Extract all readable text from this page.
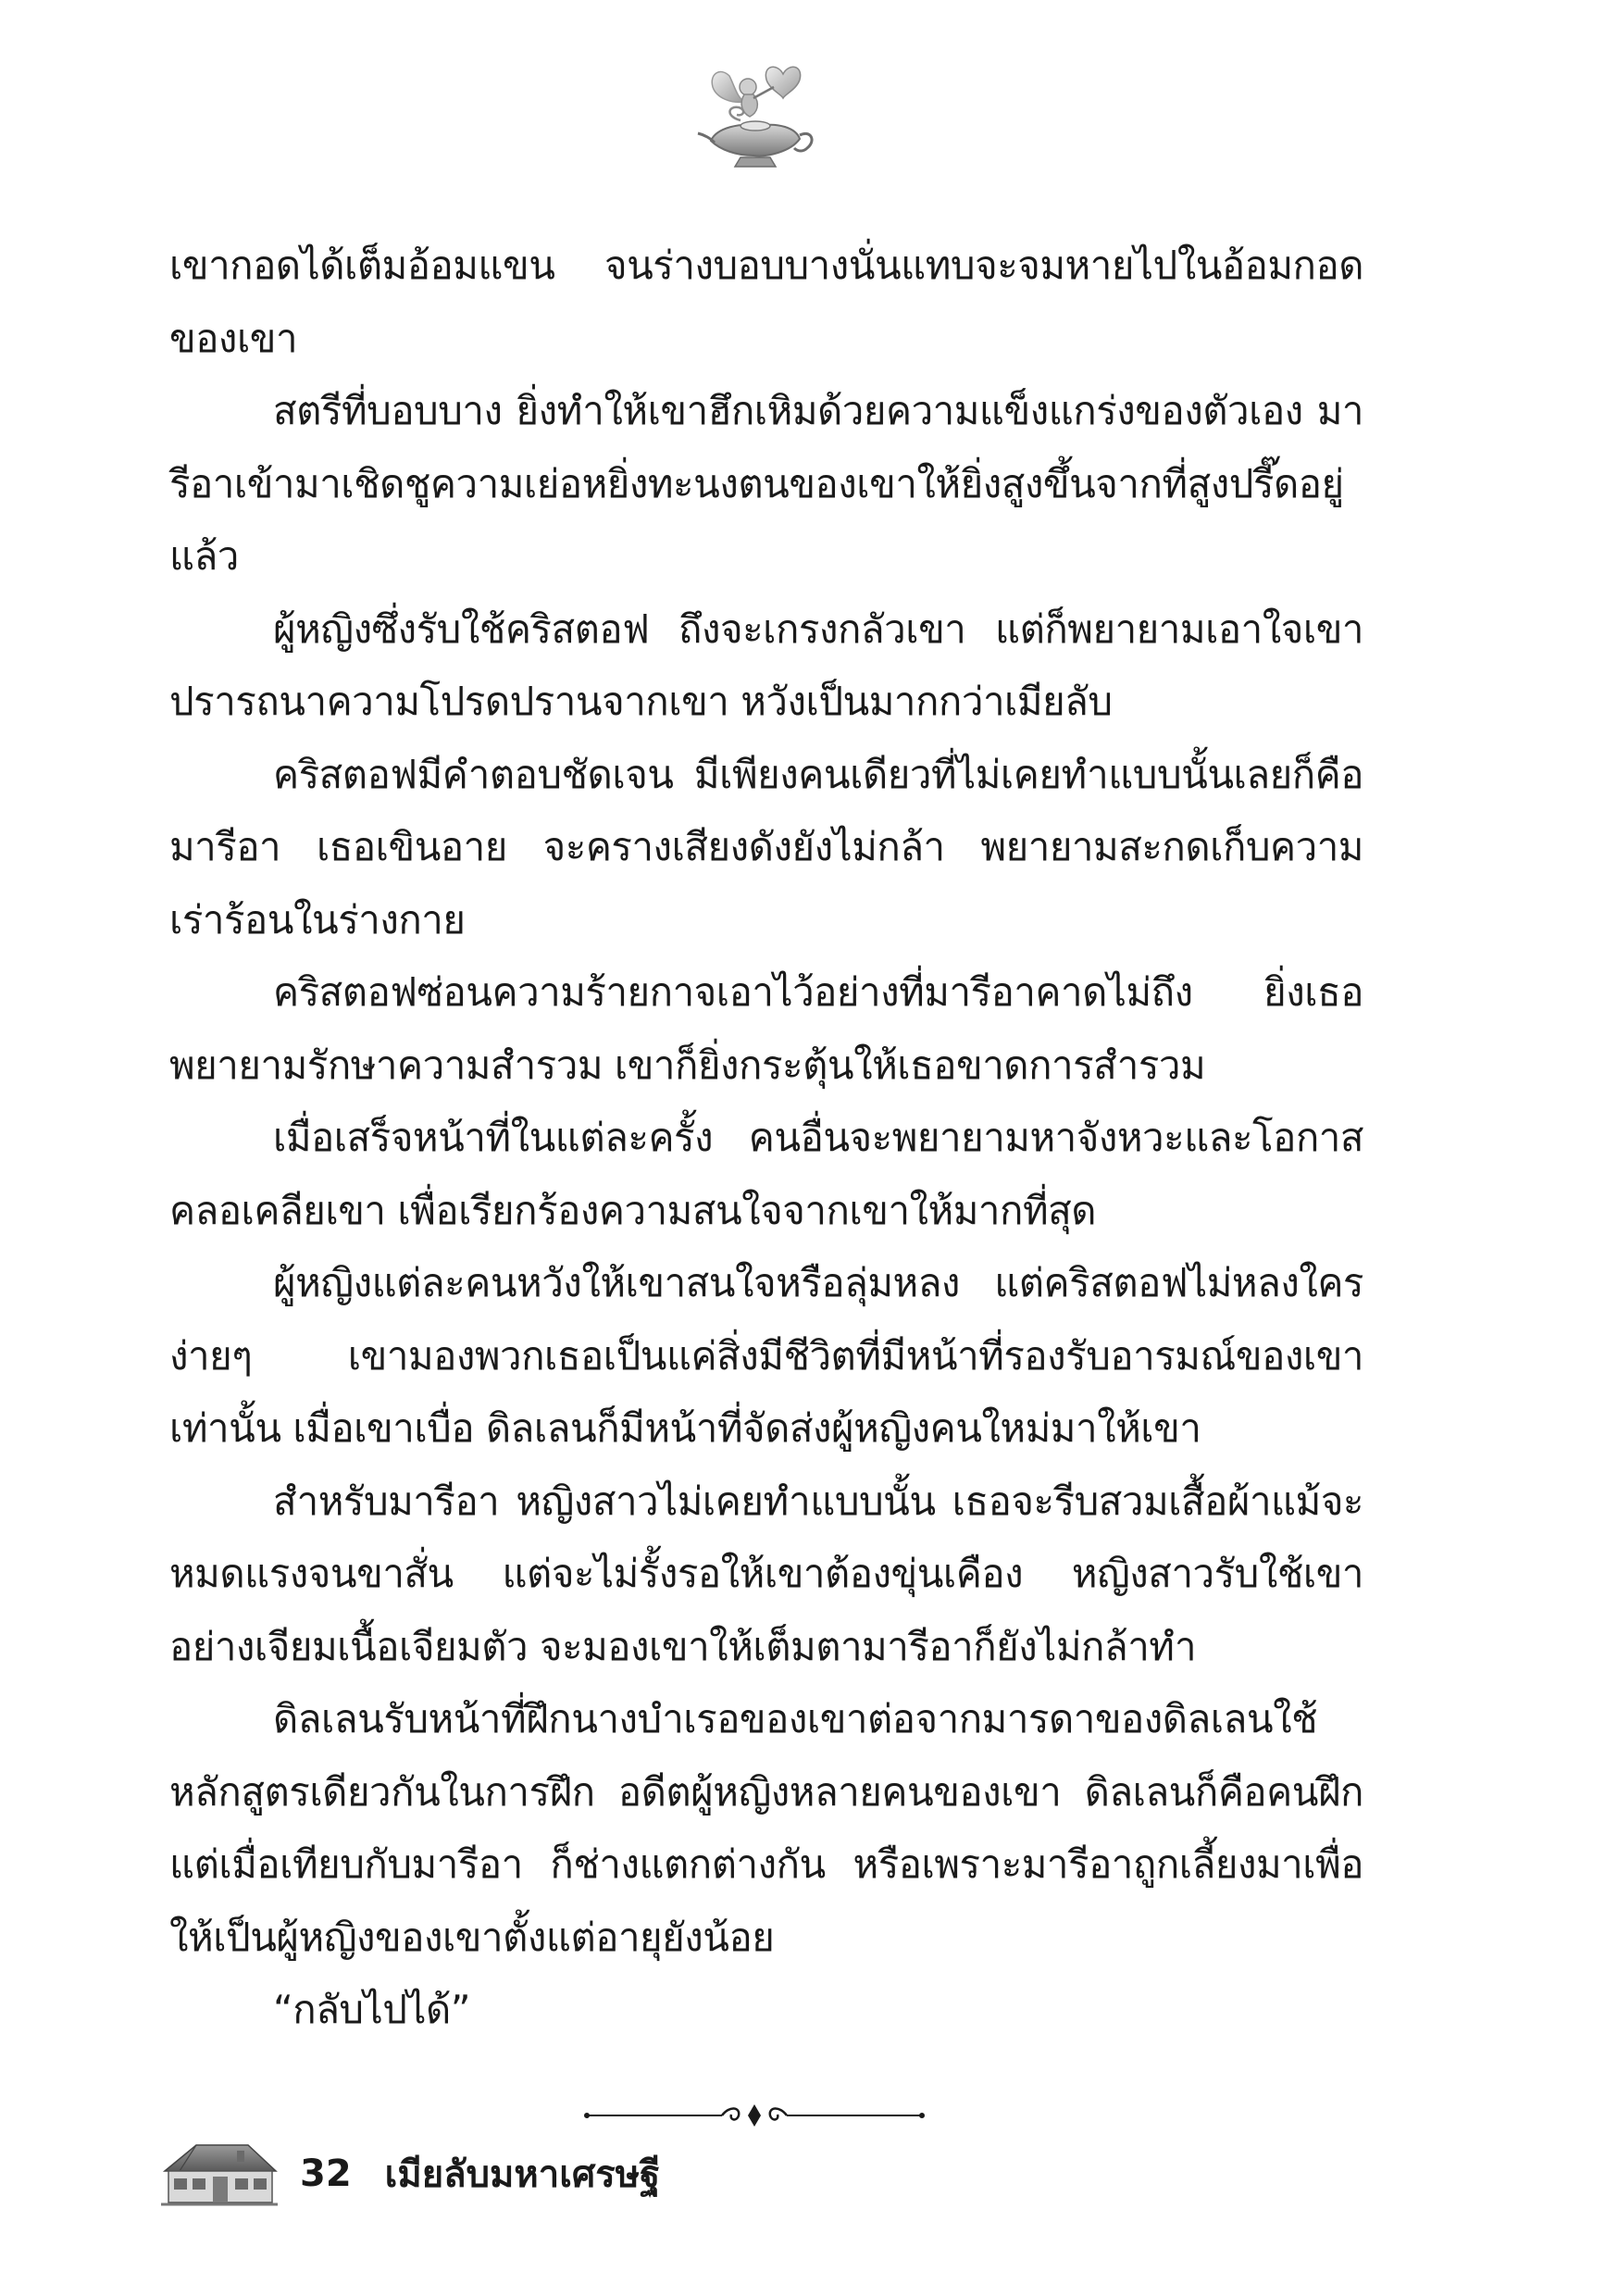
เขากอดได้เต็มอ้อมแขน จนร่างบอบบางนั่นแทบจะจมหายไปในอ้อมกอดของเขา

สตรีที่บอบบาง ยิ่งทำให้เขาฮึกเหิมด้วยความแข็งแกร่งของตัวเอง มารีอาเข้ามาเชิดชูความเย่อหยิ่งทะนงตนของเขาให้ยิ่งสูงขึ้นจากที่สูงปรี๊ดอยู่แล้ว

ผู้หญิงซึ่งรับใช้คริสตอฟ ถึงจะเกรงกลัวเขา แต่ก็พยายามเอาใจเขา ปรารถนาความโปรดปรานจากเขา หวังเป็นมากกว่าเมียลับ

คริสตอฟมีคำตอบชัดเจน มีเพียงคนเดียวที่ไม่เคยทำแบบนั้นเลยก็คือมารีอา เธอเขินอาย จะครางเสียงดังยังไม่กล้า พยายามสะกดเก็บความเร่าร้อนในร่างกาย

คริสตอฟซ่อนความร้ายกาจเอาไว้อย่างที่มารีอาคาดไม่ถึง ยิ่งเธอพยายามรักษาความสำรวม เขาก็ยิ่งกระตุ้นให้เธอขาดการสำรวม

เมื่อเสร็จหน้าที่ในแต่ละครั้ง คนอื่นจะพยายามหาจังหวะและโอกาสคลอเคลียเขา เพื่อเรียกร้องความสนใจจากเขาให้มากที่สุด

ผู้หญิงแต่ละคนหวังให้เขาสนใจหรือลุ่มหลง แต่คริสตอฟไม่หลงใครง่ายๆ เขามองพวกเธอเป็นแค่สิ่งมีชีวิตที่มีหน้าที่รองรับอารมณ์ของเขาเท่านั้น เมื่อเขาเบื่อ ดิลเลนก็มีหน้าที่จัดส่งผู้หญิงคนใหม่มาให้เขา

สำหรับมารีอา หญิงสาวไม่เคยทำแบบนั้น เธอจะรีบสวมเสื้อผ้าแม้จะหมดแรงจนขาสั่น แต่จะไม่รั้งรอให้เขาต้องขุ่นเคือง หญิงสาวรับใช้เขาอย่างเจียมเนื้อเจียมตัว จะมองเขาให้เต็มตามารีอาก็ยังไม่กล้าทำ

ดิลเลนรับหน้าที่ฝึกนางบำเรอของเขาต่อจากมารดาของดิลเลนใช้หลักสูตรเดียวกันในการฝึก อดีตผู้หญิงหลายคนของเขา ดิลเลนก็คือคนฝึก แต่เมื่อเทียบกับมารีอา ก็ช่างแตกต่างกัน หรือเพราะมารีอาถูกเลี้ยงมาเพื่อให้เป็นผู้หญิงของเขาตั้งแต่อายุยังน้อย

“กลับไปได้”

32 เมียลับมหาเศรษฐี
